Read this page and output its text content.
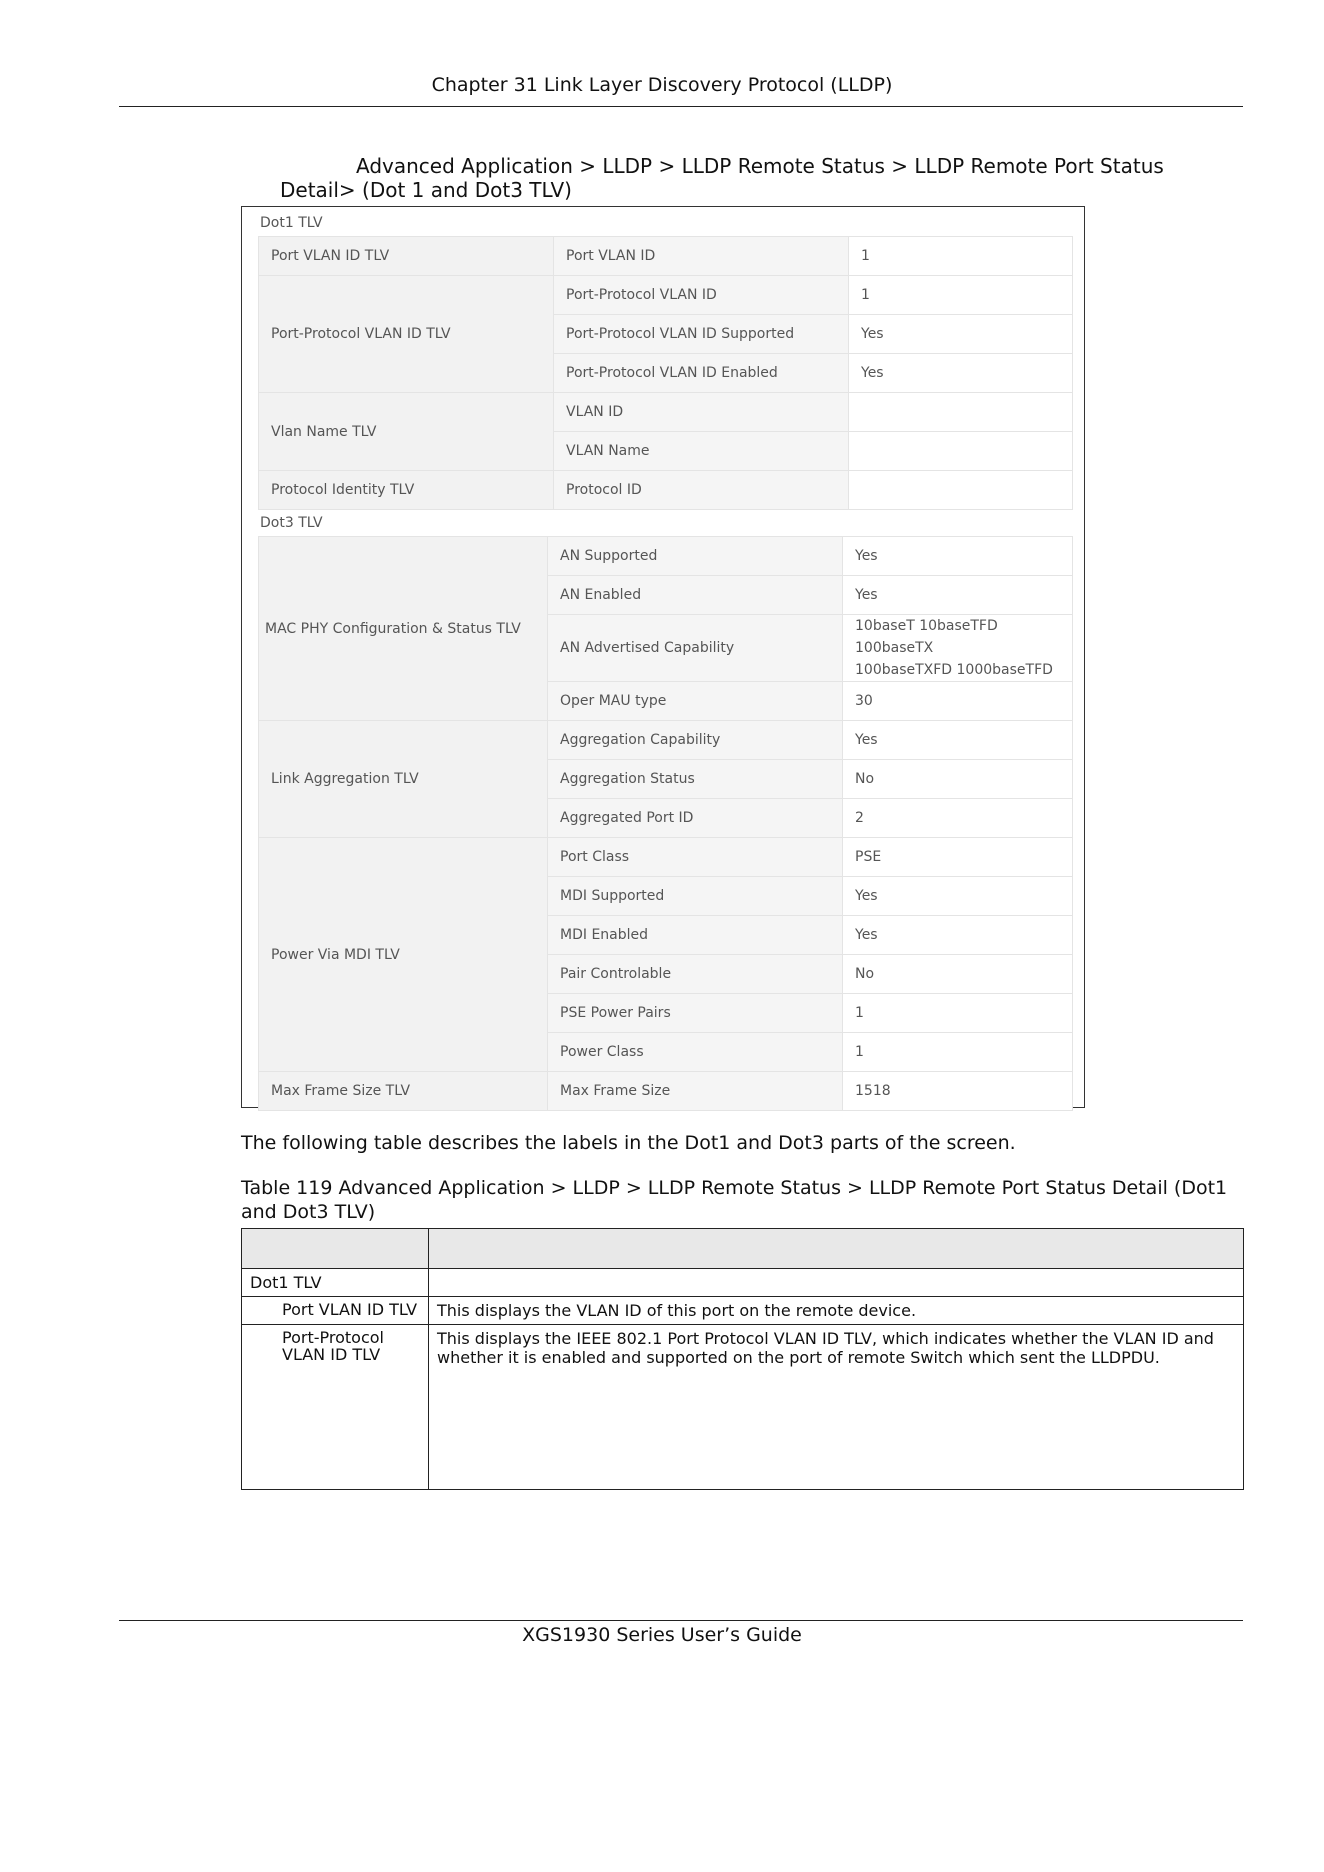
Chapter 31 Link Layer Discovery Protocol (LLDP)
Advanced Application > LLDP > LLDP Remote Status > LLDP Remote Port Status Detail> (Dot 1 and Dot3 TLV)
Dot1 TLV
Port VLAN ID TLV	Port VLAN ID	1
Port-Protocol VLAN ID TLV	Port-Protocol VLAN ID	1
	Port-Protocol VLAN ID Supported	Yes
	Port-Protocol VLAN ID Enabled	Yes
Vlan Name TLV	VLAN ID	
	VLAN Name	
Protocol Identity TLV	Protocol ID	
Dot3 TLV
MAC PHY Configuration & Status TLV	AN Supported	Yes
	AN Enabled	Yes
	AN Advertised Capability	10baseT 10baseTFD 100baseTX
100baseTXFD 1000baseTFD

	Oper MAU type	30
Link Aggregation TLV	Aggregation Capability	Yes
	Aggregation Status	No
	Aggregated Port ID	2
Power Via MDI TLV	Port Class	PSE
	MDI Supported	Yes
	MDI Enabled	Yes
	Pair Controlable	No
	PSE Power Pairs	1
	Power Class	1
Max Frame Size TLV	Max Frame Size	1518
The following table describes the labels in the Dot1 and Dot3 parts of the screen.
Table 119 Advanced Application > LLDP > LLDP Remote Status > LLDP Remote Port Status Detail (Dot1 and Dot3 TLV)

Dot1 TLV	
Port VLAN ID TLV	This displays the VLAN ID of this port on the remote device.
Port-Protocol VLAN ID TLV	This displays the IEEE 802.1 Port Protocol VLAN ID TLV, which indicates whether the VLAN ID and whether it is enabled and supported on the port of remote Switch which sent the LLDPDU.
XGS1930 Series User’s Guide
